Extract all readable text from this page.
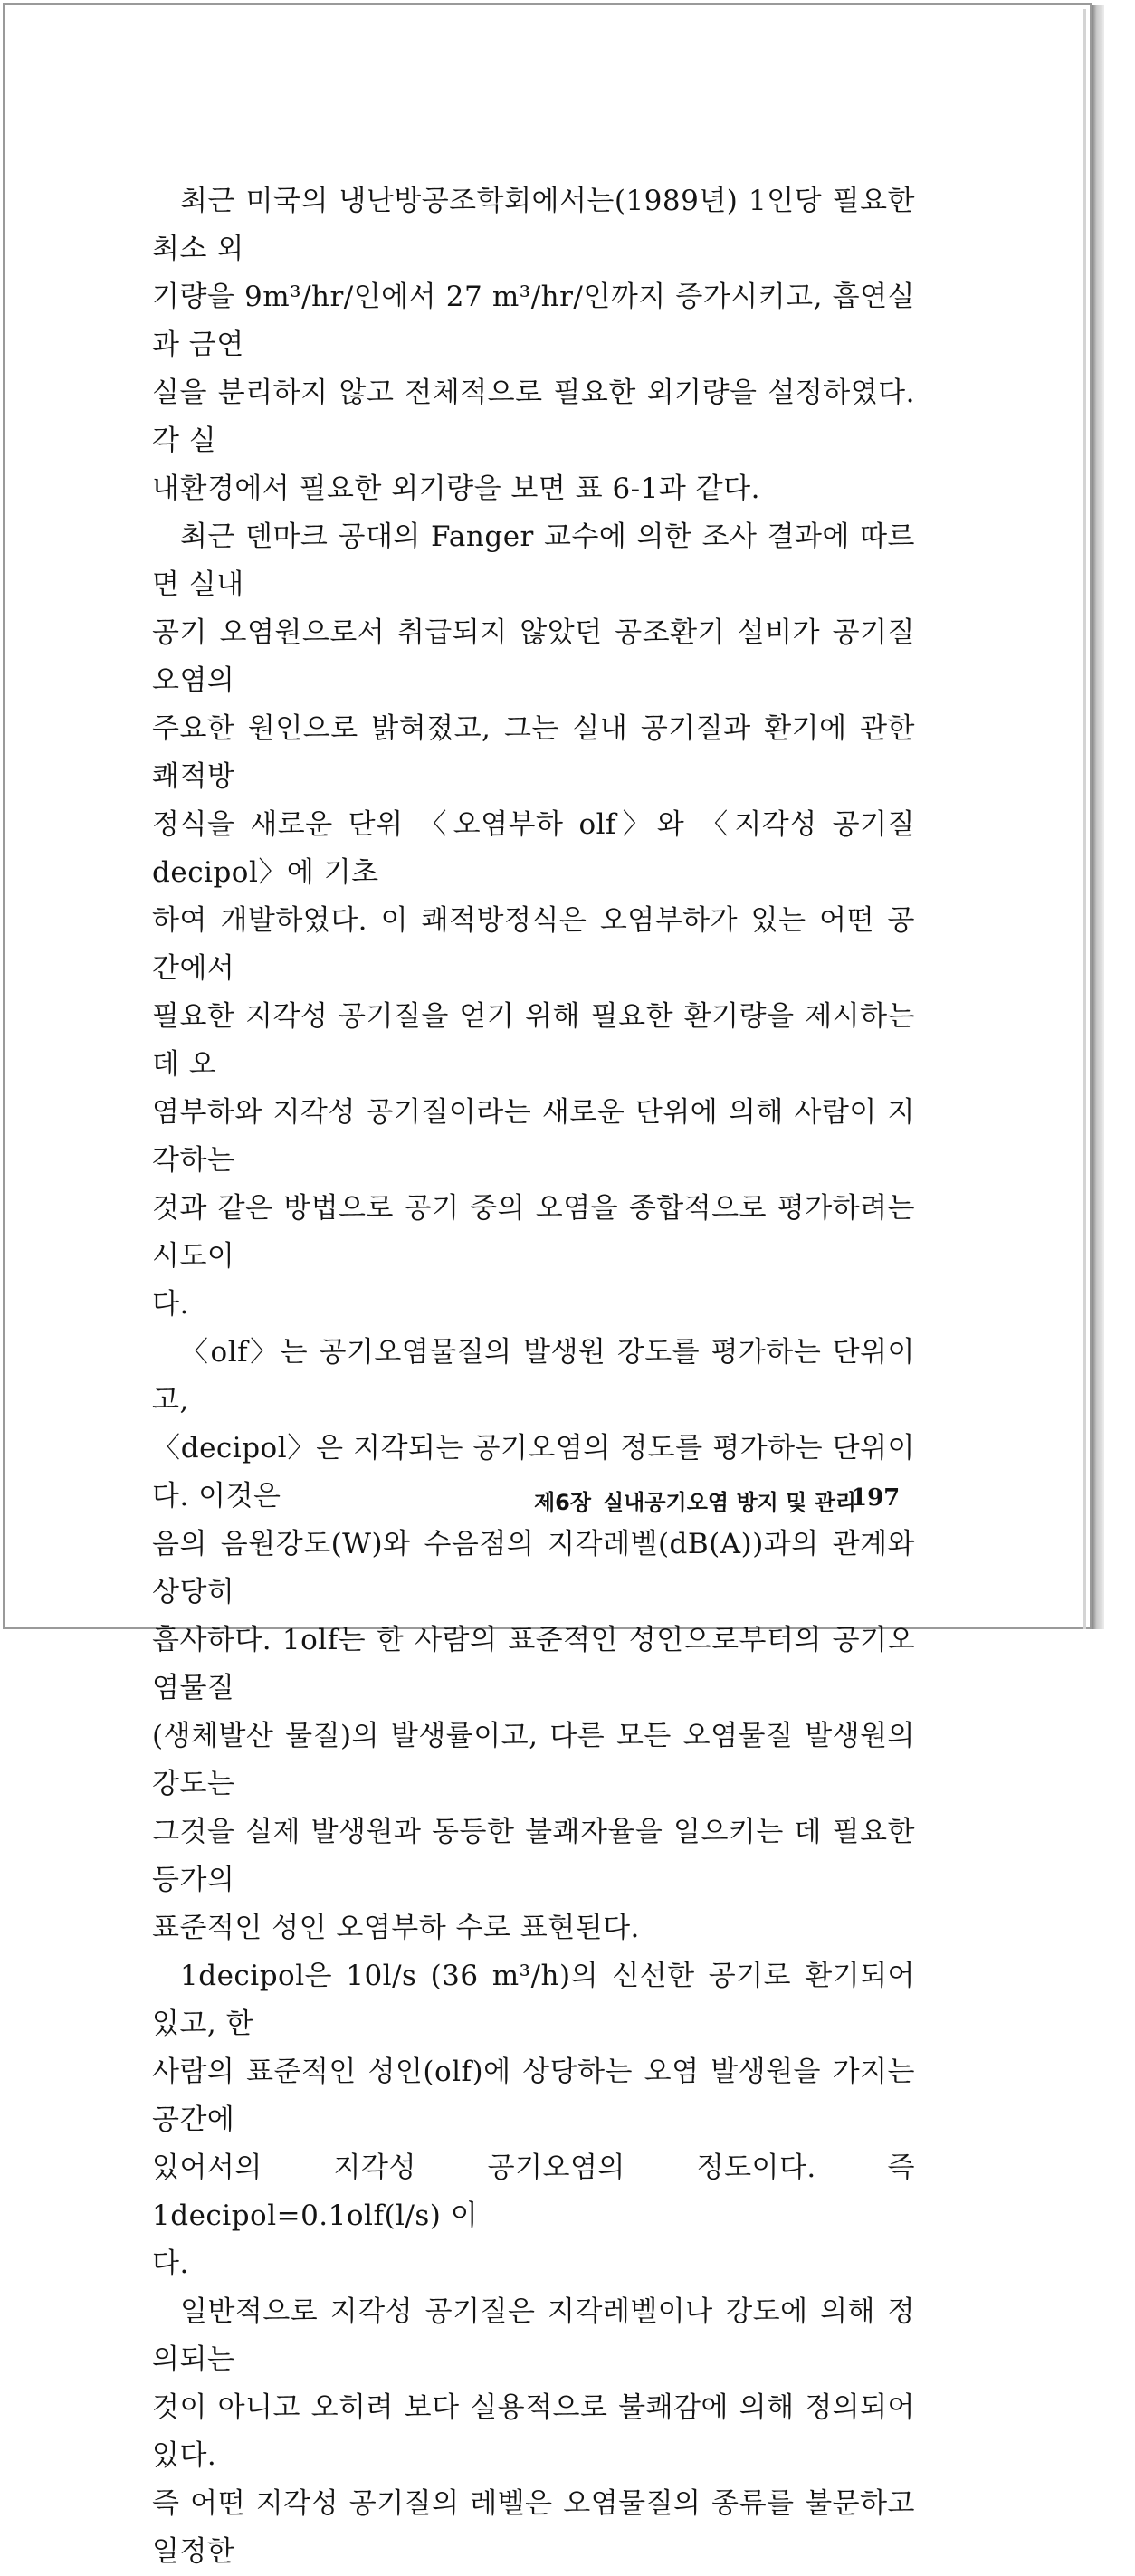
최근 미국의 냉난방공조학회에서는(1989년) 1인당 필요한 최소 외
기량을 9m³/hr/인에서 27 m³/hr/인까지 증가시키고, 흡연실과 금연
실을 분리하지 않고 전체적으로 필요한 외기량을 설정하였다. 각 실
내환경에서 필요한 외기량을 보면 표 6-1과 같다.

최근 덴마크 공대의 Fanger 교수에 의한 조사 결과에 따르면 실내
공기 오염원으로서 취급되지 않았던 공조환기 설비가 공기질 오염의
주요한 원인으로 밝혀졌고, 그는 실내 공기질과 환기에 관한 쾌적방
정식을 새로운 단위 〈오염부하 olf〉와 〈지각성 공기질 decipol〉에 기초
하여 개발하였다. 이 쾌적방정식은 오염부하가 있는 어떤 공간에서
필요한 지각성 공기질을 얻기 위해 필요한 환기량을 제시하는 데 오
염부하와 지각성 공기질이라는 새로운 단위에 의해 사람이 지각하는
것과 같은 방법으로 공기 중의 오염을 종합적으로 평가하려는 시도이
다.

〈olf〉는 공기오염물질의 발생원 강도를 평가하는 단위이고,
〈decipol〉은 지각되는 공기오염의 정도를 평가하는 단위이다. 이것은
음의 음원강도(W)와 수음점의 지각레벨(dB(A))과의 관계와 상당히
흡사하다. 1olf는 한 사람의 표준적인 성인으로부터의 공기오염물질
(생체발산 물질)의 발생률이고, 다른 모든 오염물질 발생원의 강도는
그것을 실제 발생원과 동등한 불쾌자율을 일으키는 데 필요한 등가의
표준적인 성인 오염부하 수로 표현된다.

1decipol은 10l/s (36 m³/h)의 신선한 공기로 환기되어 있고, 한
사람의 표준적인 성인(olf)에 상당하는 오염 발생원을 가지는 공간에
있어서의 지각성 공기오염의 정도이다. 즉 1decipol=0.1olf(l/s) 이
다.

일반적으로 지각성 공기질은 지각레벨이나 강도에 의해 정의되는
것이 아니고 오히려 보다 실용적으로 불쾌감에 의해 정의되어 있다.
즉 어떤 지각성 공기질의 레벨은 오염물질의 종류를 불문하고 일정한

제6장 실내공기오염 방지 및 관리
197
